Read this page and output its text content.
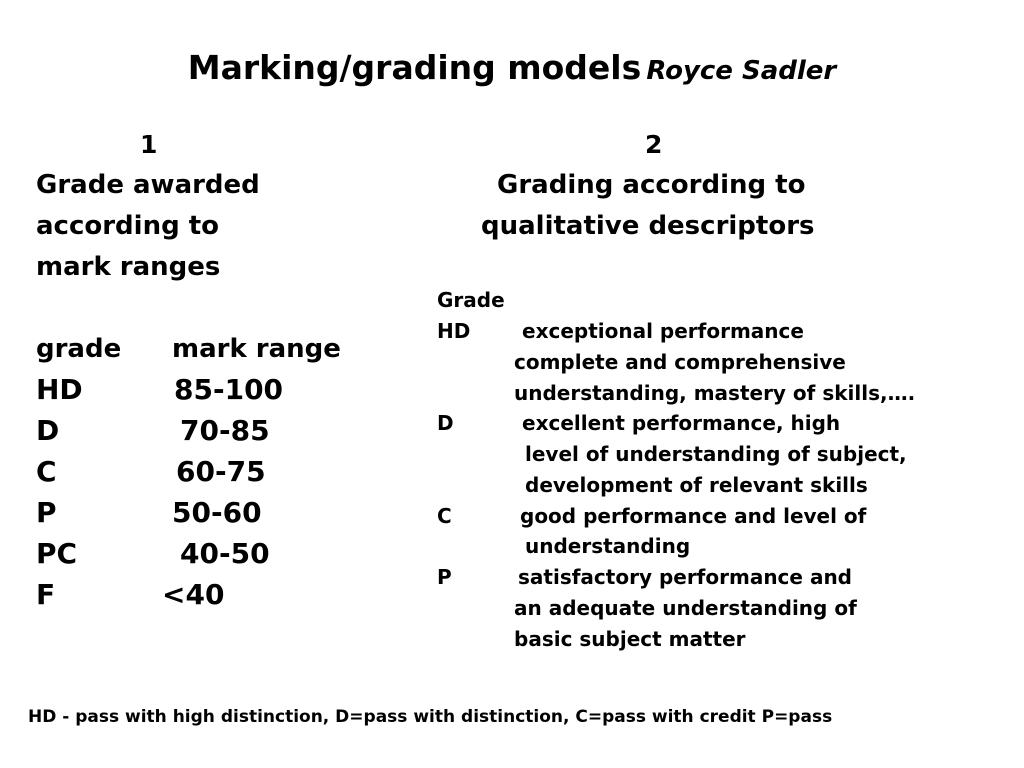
Marking/grading models Royce Sadler
1
Grade awarded
according to
mark ranges
grade mark range
HD	85-100
D	70-85
C	60-75
P	50-60
PC	40-50
F	<40
2
Grading according to
qualitative descriptors
Grade
HD	exceptional performance
complete and comprehensive
understanding, mastery of skills,….
D	excellent performance, high
level of understanding of subject,
development of relevant skills
C	good performance and level of
understanding
P	satisfactory performance and
an adequate understanding of
basic subject matter
HD - pass with high distinction, D=pass with distinction, C=pass with credit P=pass
